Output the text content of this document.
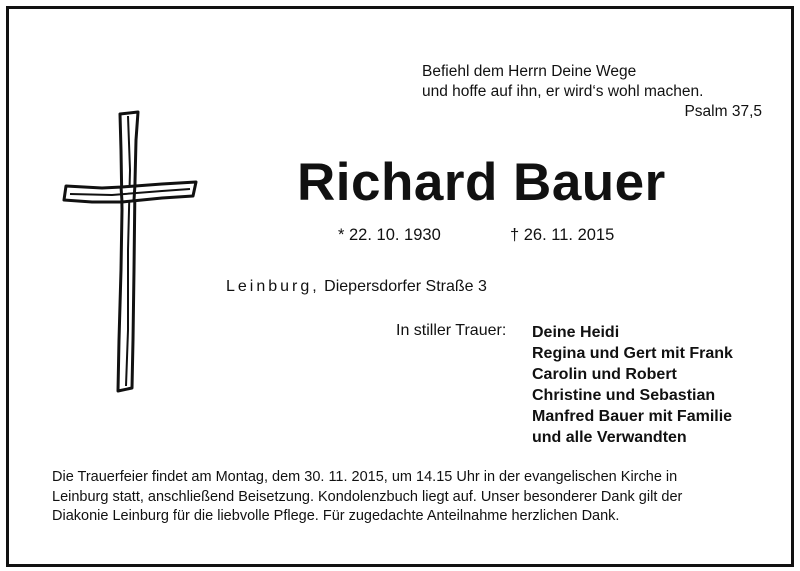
Befiehl dem Herrn Deine Wege
und hoffe auf ihn, er wird‘s wohl machen.
Psalm 37,5
Richard Bauer
* 22. 10. 1930	† 26. 11. 2015
Leinburg, Diepersdorfer Straße 3
In stiller Trauer: Deine Heidi
Regina und Gert mit Frank
Carolin und Robert
Christine und Sebastian
Manfred Bauer mit Familie
und alle Verwandten
Die Trauerfeier findet am Montag, dem 30. 11. 2015, um 14.15 Uhr in der evangelischen Kirche in
Leinburg statt, anschließend Beisetzung. Kondolenzbuch liegt auf. Unser besonderer Dank gilt der
Diakonie Leinburg für die liebvolle Pflege. Für zugedachte Anteilnahme herzlichen Dank.
